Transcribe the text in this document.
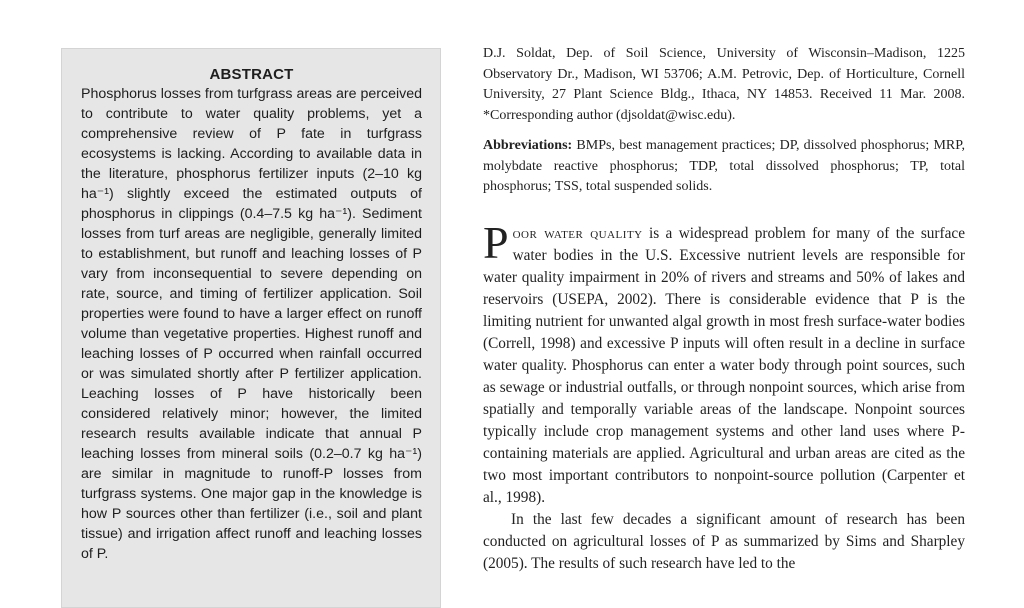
ABSTRACT

Phosphorus losses from turfgrass areas are perceived to contribute to water quality problems, yet a comprehensive review of P fate in turfgrass ecosystems is lacking. According to available data in the literature, phosphorus fertilizer inputs (2–10 kg ha⁻¹) slightly exceed the estimated outputs of phosphorus in clippings (0.4–7.5 kg ha⁻¹). Sediment losses from turf areas are negligible, generally limited to establishment, but runoff and leaching losses of P vary from inconsequential to severe depending on rate, source, and timing of fertilizer application. Soil properties were found to have a larger effect on runoff volume than vegetative properties. Highest runoff and leaching losses of P occurred when rainfall occurred or was simulated shortly after P fertilizer application. Leaching losses of P have historically been considered relatively minor; however, the limited research results available indicate that annual P leaching losses from mineral soils (0.2–0.7 kg ha⁻¹) are similar in magnitude to runoff-P losses from turfgrass systems. One major gap in the knowledge is how P sources other than fertilizer (i.e., soil and plant tissue) and irrigation affect runoff and leaching losses of P.

D.J. Soldat, Dep. of Soil Science, University of Wisconsin–Madison, 1225 Observatory Dr., Madison, WI 53706; A.M. Petrovic, Dep. of Horticulture, Cornell University, 27 Plant Science Bldg., Ithaca, NY 14853. Received 11 Mar. 2008. *Corresponding author (djsoldat@wisc.edu).

Abbreviations: BMPs, best management practices; DP, dissolved phosphorus; MRP, molybdate reactive phosphorus; TDP, total dissolved phosphorus; TP, total phosphorus; TSS, total suspended solids.

Poor water quality is a widespread problem for many of the surface water bodies in the U.S. Excessive nutrient levels are responsible for water quality impairment in 20% of rivers and streams and 50% of lakes and reservoirs (USEPA, 2002). There is considerable evidence that P is the limiting nutrient for unwanted algal growth in most fresh surface-water bodies (Correll, 1998) and excessive P inputs will often result in a decline in surface water quality. Phosphorus can enter a water body through point sources, such as sewage or industrial outfalls, or through nonpoint sources, which arise from spatially and temporally variable areas of the landscape. Nonpoint sources typically include crop management systems and other land uses where P-containing materials are applied. Agricultural and urban areas are cited as the two most important contributors to nonpoint-source pollution (Carpenter et al., 1998).

In the last few decades a significant amount of research has been conducted on agricultural losses of P as summarized by Sims and Sharpley (2005). The results of such research have led to the
